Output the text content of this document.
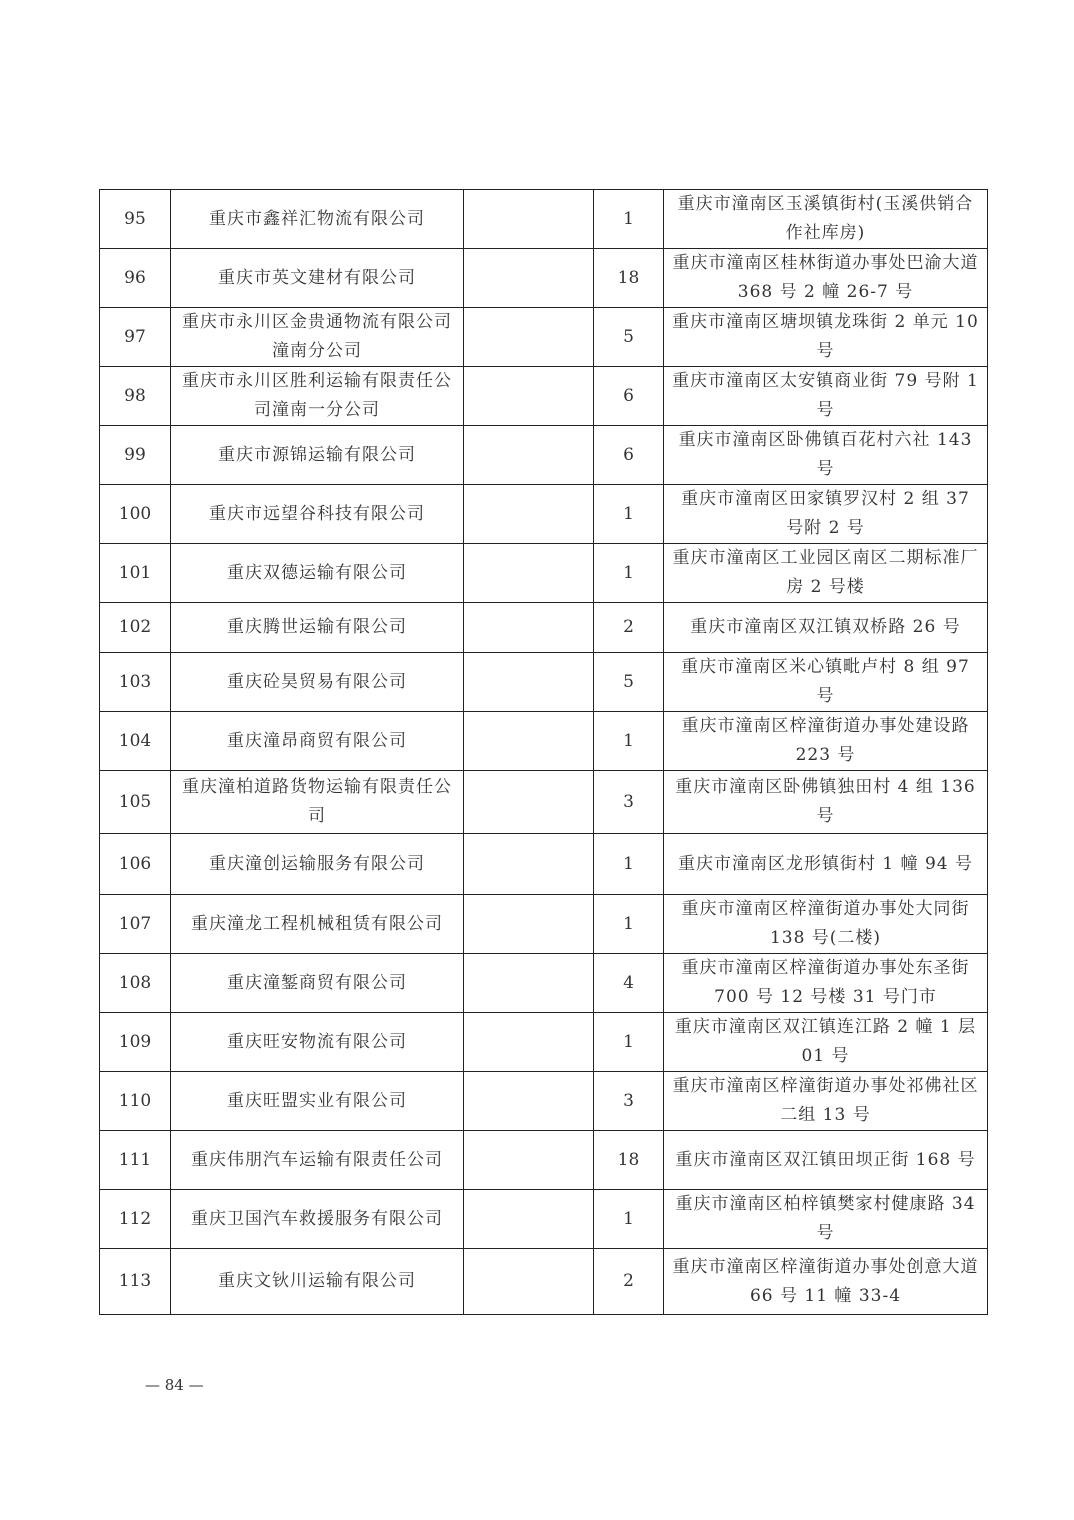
95	重庆市鑫祥汇物流有限公司		1	重庆市潼南区玉溪镇街村(玉溪供销合作社库房)
96	重庆市英文建材有限公司		18	重庆市潼南区桂林街道办事处巴渝大道 368 号 2 幢 26-7 号
97	重庆市永川区金贵通物流有限公司潼南分公司		5	重庆市潼南区塘坝镇龙珠街 2 单元 10 号
98	重庆市永川区胜利运输有限责任公司潼南一分公司		6	重庆市潼南区太安镇商业街 79 号附 1 号
99	重庆市源锦运输有限公司		6	重庆市潼南区卧佛镇百花村六社 143 号
100	重庆市远望谷科技有限公司		1	重庆市潼南区田家镇罗汉村 2 组 37 号附 2 号
101	重庆双德运输有限公司		1	重庆市潼南区工业园区南区二期标准厂房 2 号楼
102	重庆腾世运输有限公司		2	重庆市潼南区双江镇双桥路 26 号
103	重庆砼昊贸易有限公司		5	重庆市潼南区米心镇毗卢村 8 组 97 号
104	重庆潼昂商贸有限公司		1	重庆市潼南区梓潼街道办事处建设路 223 号
105	重庆潼柏道路货物运输有限责任公司		3	重庆市潼南区卧佛镇独田村 4 组 136 号
106	重庆潼创运输服务有限公司		1	重庆市潼南区龙形镇街村 1 幢 94 号
107	重庆潼龙工程机械租赁有限公司		1	重庆市潼南区梓潼街道办事处大同街 138 号(二楼)
108	重庆潼錾商贸有限公司		4	重庆市潼南区梓潼街道办事处东圣街 700 号 12 号楼 31 号门市
109	重庆旺安物流有限公司		1	重庆市潼南区双江镇连江路 2 幢 1 层 01 号
110	重庆旺盟实业有限公司		3	重庆市潼南区梓潼街道办事处祁佛社区二组 13 号
111	重庆伟朋汽车运输有限责任公司		18	重庆市潼南区双江镇田坝正街 168 号
112	重庆卫国汽车救援服务有限公司		1	重庆市潼南区柏梓镇樊家村健康路 34 号
113	重庆文钬川运输有限公司		2	重庆市潼南区梓潼街道办事处创意大道 66 号 11 幢 33-4
— 84 —
